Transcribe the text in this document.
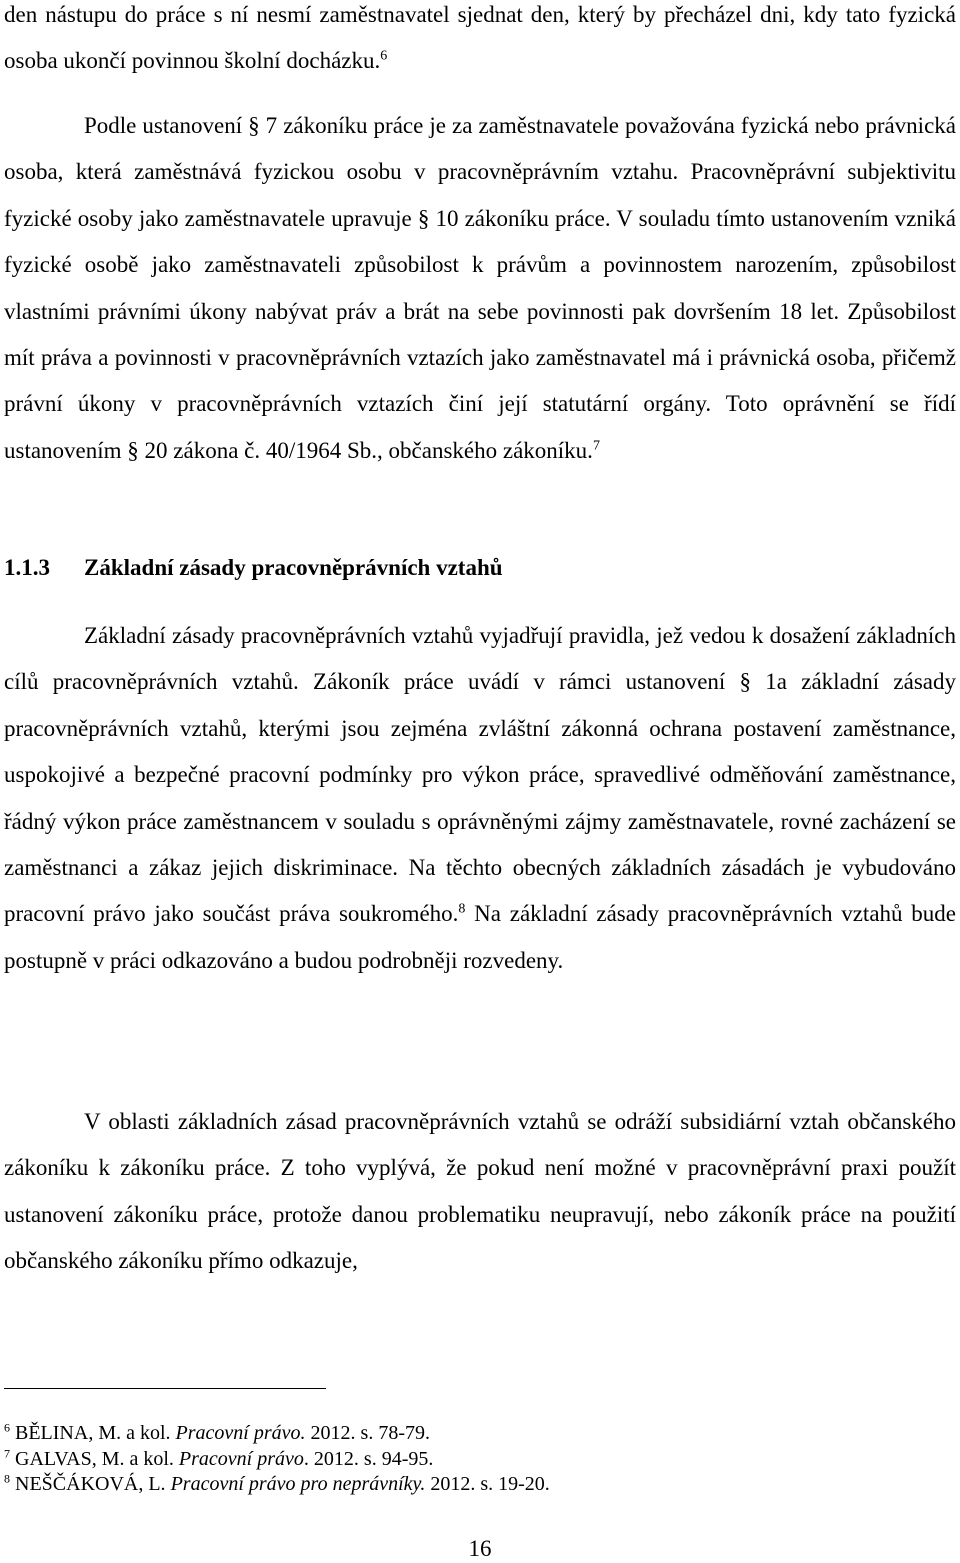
den nástupu do práce s ní nesmí zaměstnavatel sjednat den, který by přecházel dni, kdy tato fyzická osoba ukončí povinnou školní docházku.$^6$

Podle ustanovení § 7 zákoníku práce je za zaměstnavatele považována fyzická nebo právnická osoba, která zaměstnává fyzickou osobu v pracovněprávním vztahu. Pracovněprávní subjektivitu fyzické osoby jako zaměstnavatele upravuje § 10 zákoníku práce. V souladu tímto ustanovením vzniká fyzické osobě jako zaměstnavateli způsobilost k právům a povinnostem narozením, způsobilost vlastními právními úkony nabývat práv a brát na sebe povinnosti pak dovršením 18 let. Způsobilost mít práva a povinnosti v pracovněprávních vztazích jako zaměstnavatel má i právnická osoba, přičemž právní úkony v pracovněprávních vztazích činí její statutární orgány. Toto oprávnění se řídí ustanovením § 20 zákona č. 40/1964 Sb., občanského zákoníku.$^7$

1.1.3 Základní zásady pracovněprávních vztahů

Základní zásady pracovněprávních vztahů vyjadřují pravidla, jež vedou k dosažení základních cílů pracovněprávních vztahů. Zákoník práce uvádí v rámci ustanovení § 1a základní zásady pracovněprávních vztahů, kterými jsou zejména zvláštní zákonná ochrana postavení zaměstnance, uspokojivé a bezpečné pracovní podmínky pro výkon práce, spravedlivé odměňování zaměstnance, řádný výkon práce zaměstnancem v souladu s oprávněnými zájmy zaměstnavatele, rovné zacházení se zaměstnanci a zákaz jejich diskriminace. Na těchto obecných základních zásadách je vybudováno pracovní právo jako součást práva soukromého.$^8$ Na základní zásady pracovněprávních vztahů bude postupně v práci odkazováno a budou podrobněji rozvedeny.

V oblasti základních zásad pracovněprávních vztahů se odráží subsidiární vztah občanského zákoníku k zákoníku práce. Z toho vyplývá, že pokud není možné v pracovněprávní praxi použít ustanovení zákoníku práce, protože danou problematiku neupravují, nebo zákoník práce na použití občanského zákoníku přímo odkazuje,

$^6$ BĚLINA, M. a kol. Pracovní právo. 2012. s. 78-79.

$^7$ GALVAS, M. a kol. Pracovní právo. 2012. s. 94-95.

$^8$ NEŠČÁKOVÁ, L. Pracovní právo pro neprávníky. 2012. s. 19-20.

16
